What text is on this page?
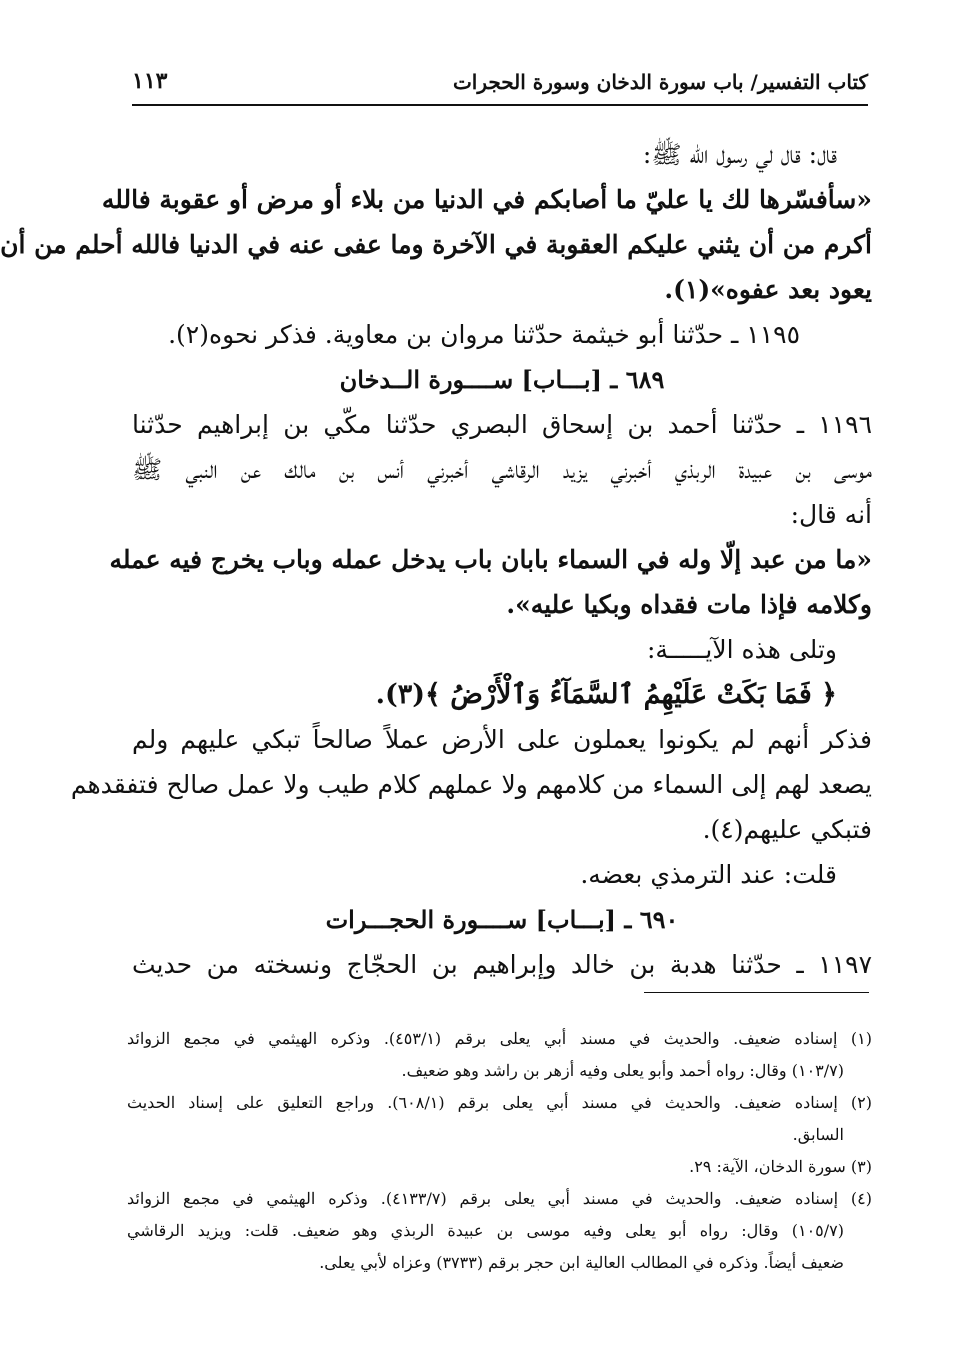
كتاب التفسير/ باب سورة الدخان وسورة الحجرات
١١٣
قال: قال لي رسول الله ﷺ:
«سأفسّرها لك يا عليّ ما أصابكم في الدنيا من بلاء أو مرض أو عقوبة فالله
أكرم من أن يثني عليكم العقوبة في الآخرة وما عفى عنه في الدنيا فالله أحلم من أن
يعود بعد عفوه»(١).
١١٩٥ ـ حدّثنا أبو خيثمة حدّثنا مروان بن معاوية. فذكر نحوه(٢).
٦٨٩ ـ [بـــاب] ســــورة الــدخان
١١٩٦ ـ حدّثنا أحمد بن إسحاق البصري حدّثنا مكّي بن إبراهيم حدّثنا
موسى بن عبيدة الربذي أخبرني يزيد الرقاشي أخبرني أنس بن مالك عن النبي ﷺ
أنه قال:
«ما من عبد إلّا وله في السماء بابان باب يدخل عمله وباب يخرج فيه عمله
وكلامه فإذا مات فقداه وبكيا عليه».
وتلى هذه الآيـــــة:
﴿ فَمَا بَكَتْ عَلَيْهِمُ ٱلسَّمَآءُ وَٱلْأَرْضُ ﴾(٣).
فذكر أنهم لم يكونوا يعملون على الأرض عملاً صالحاً تبكي عليهم ولم
يصعد لهم إلى السماء من كلامهم ولا عملهم كلام طيب ولا عمل صالح فتفقدهم
فتبكي عليهم(٤).
قلت: عند الترمذي بعضه.
٦٩٠ ـ [بـــاب] ســــورة الحجـــرات
١١٩٧ ـ حدّثنا هدبة بن خالد وإبراهيم بن الحجّاج ونسخته من حديث
(١) إسناده ضعيف. والحديث في مسند أبي يعلى برقم (٤٥٣/١). وذكره الهيثمي في مجمع الزوائد
(١٠٣/٧) وقال: رواه أحمد وأبو يعلى وفيه أزهر بن راشد وهو ضعيف.
(٢) إسناده ضعيف. والحديث في مسند أبي يعلى برقم (٦٠٨/١). وراجع التعليق على إسناد الحديث
السابق.
(٣) سورة الدخان، الآية: ٢٩.
(٤) إسناده ضعيف. والحديث في مسند أبي يعلى برقم (٤١٣٣/٧). وذكره الهيثمي في مجمع الزوائد
(١٠٥/٧) وقال: رواه أبو يعلى وفيه موسى بن عبيدة الربذي وهو ضعيف. قلت: ويزيد الرقاشي
ضعيف أيضاً. وذكره في المطالب العالية ابن حجر برقم (٣٧٣٣) وعزاه لأبي يعلى.
